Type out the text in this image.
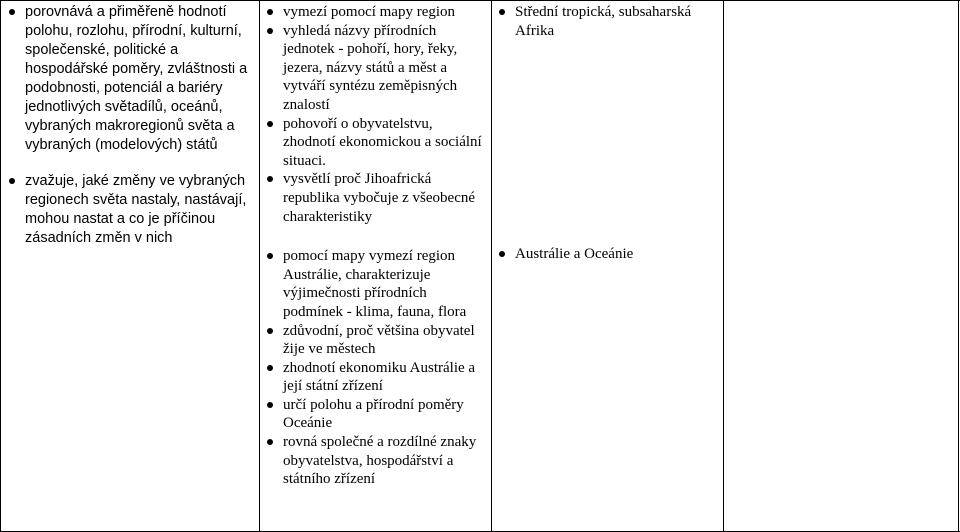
porovnává a přiměřeně hodnotí polohu, rozlohu, přírodní, kulturní, společenské, politické a hospodářské poměry, zvláštnosti a podobnosti, potenciál a bariéry jednotlivých světadílů, oceánů, vybraných makroregionů světa a vybraných (modelových) států
zvažuje, jaké změny ve vybraných regionech světa nastaly, nastávají, mohou nastat a co je příčinou zásadních změn v nich
vymezí pomocí mapy region
vyhledá názvy přírodních jednotek - pohoří, hory, řeky, jezera, názvy států a měst a vytváří syntézu zeměpisných znalostí
pohovoří o obyvatelstvu, zhodnotí ekonomickou a sociální situaci.
vysvětlí proč Jihoafrická republika vybočuje z všeobecné charakteristiky
pomocí mapy vymezí region Austrálie, charakterizuje výjimečnosti přírodních podmínek - klima, fauna, flora
zdůvodní, proč většina obyvatel žije ve městech
zhodnotí ekonomiku Austrálie a její státní zřízení
určí polohu a přírodní poměry Oceánie
rovná společné a rozdílné znaky obyvatelstva, hospodářství a státního zřízení
Střední tropická, subsaharská Afrika
Austrálie a Oceánie
